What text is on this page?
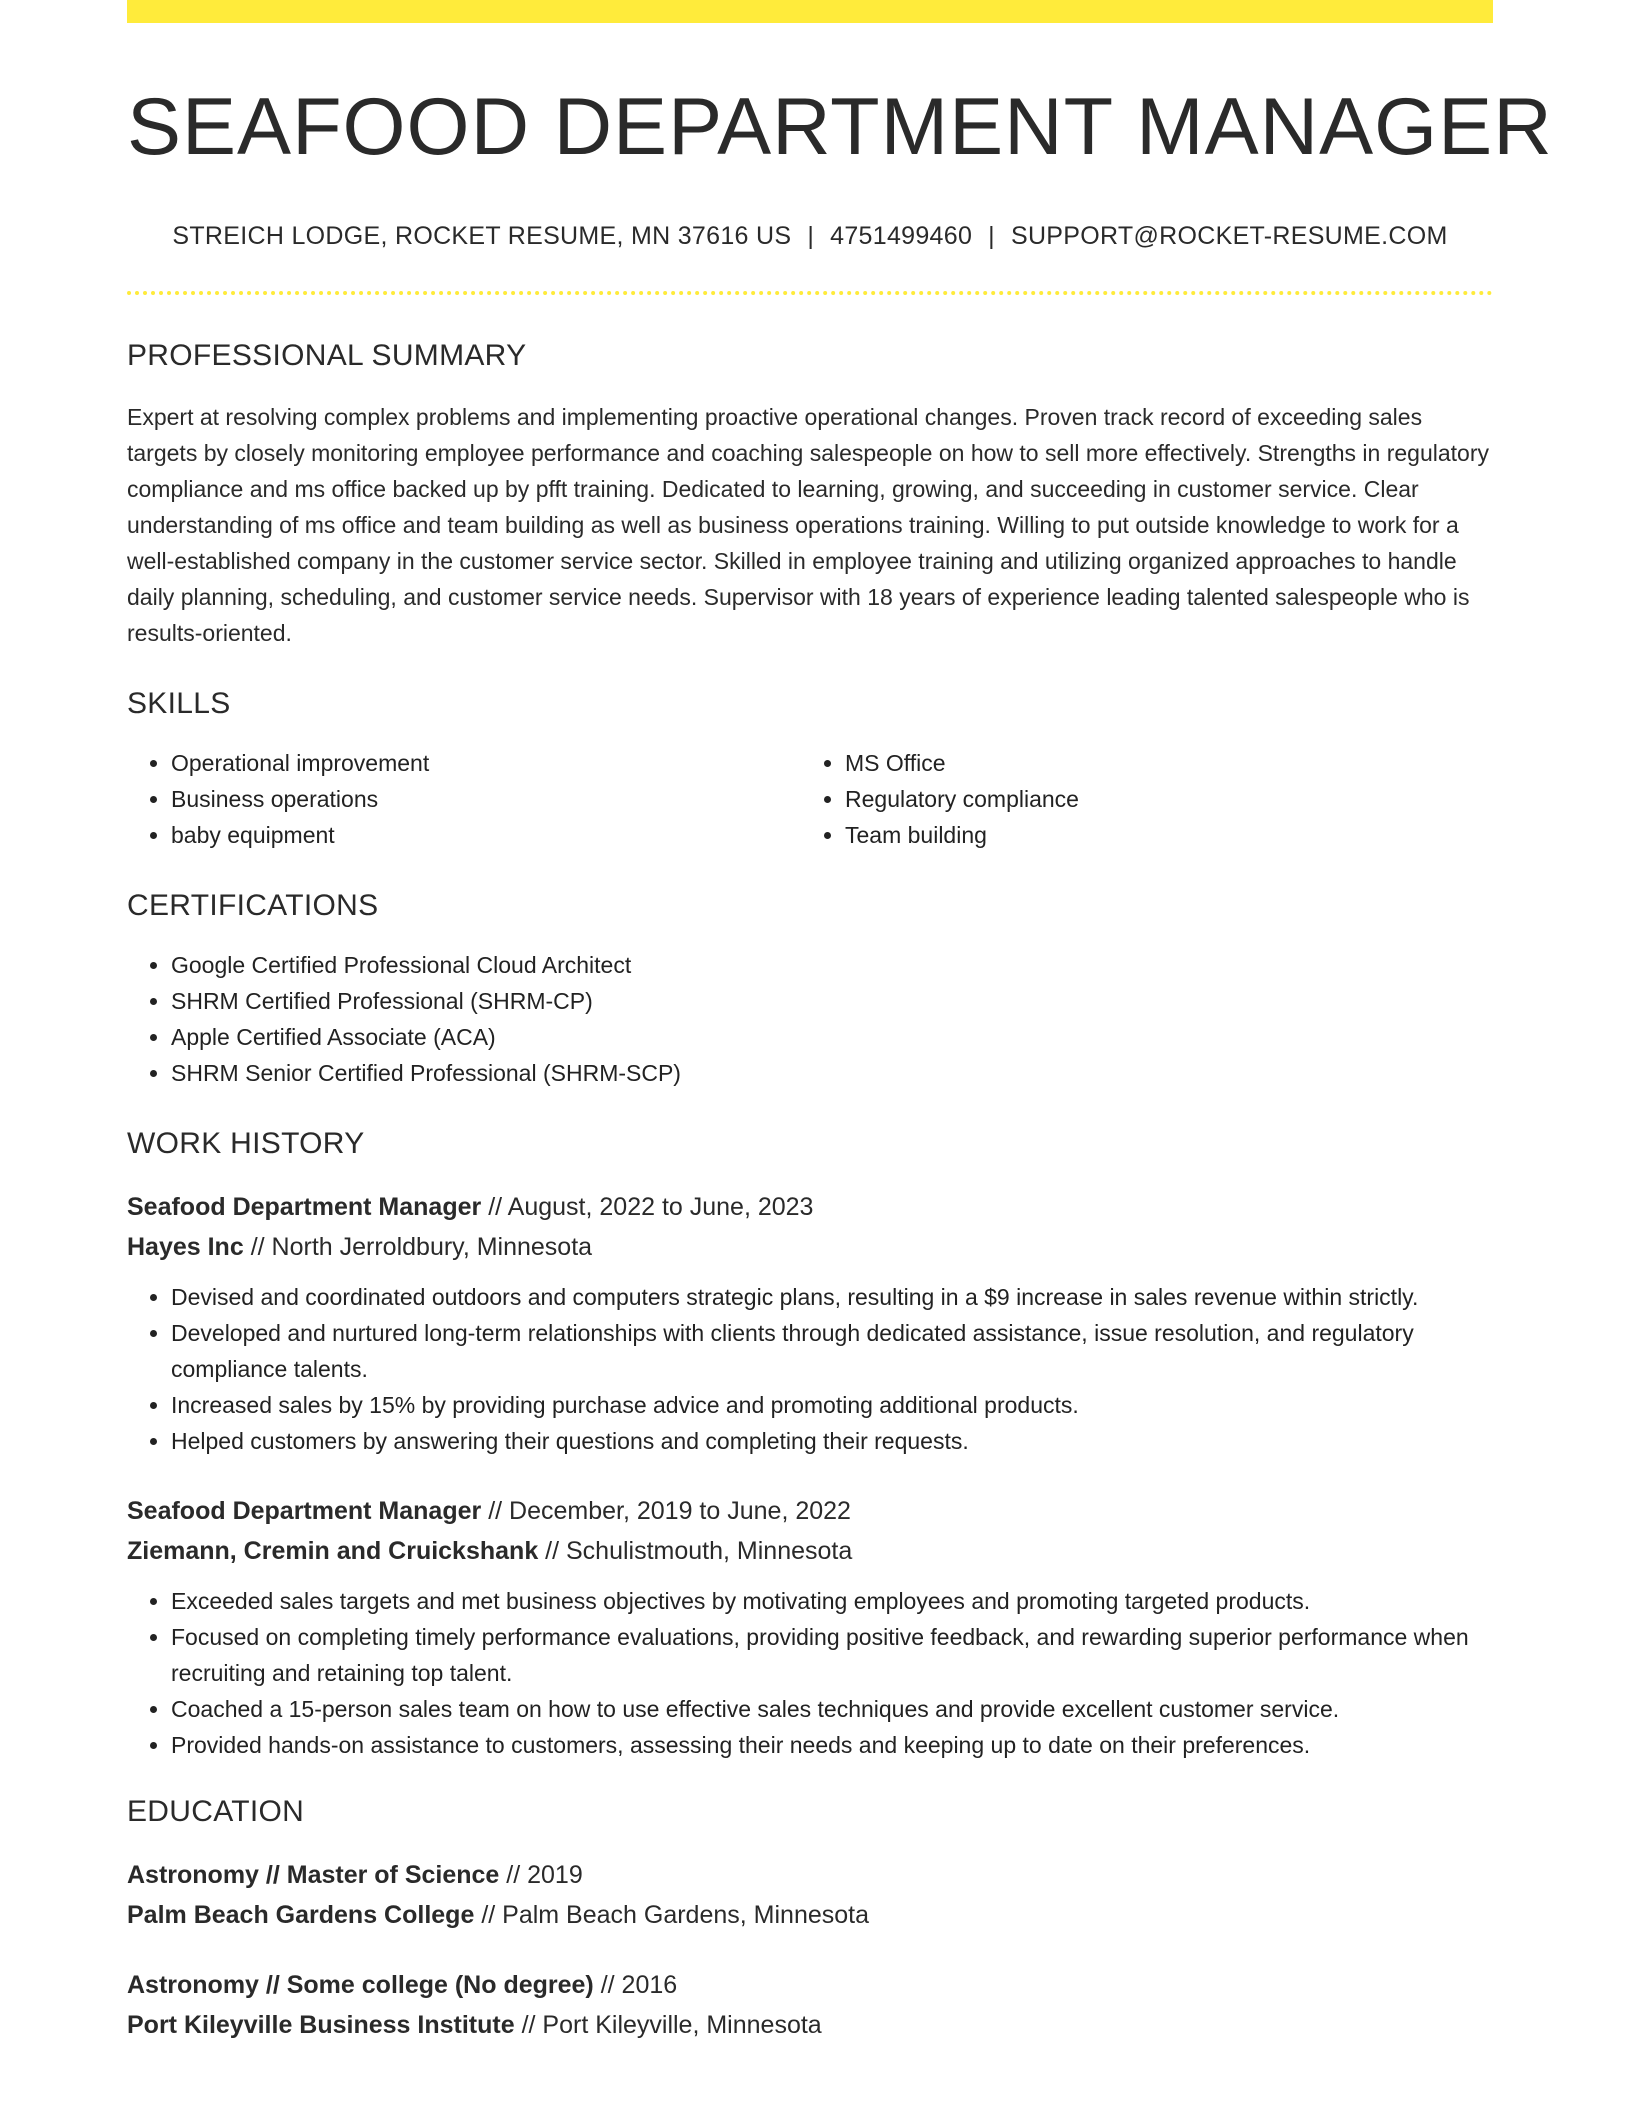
SEAFOOD DEPARTMENT MANAGER
STREICH LODGE, ROCKET RESUME, MN 37616 US | 4751499460 | SUPPORT@ROCKET-RESUME.COM
PROFESSIONAL SUMMARY

Expert at resolving complex problems and implementing proactive operational changes. Proven track record of exceeding sales targets by closely monitoring employee performance and coaching salespeople on how to sell more effectively. Strengths in regulatory compliance and ms office backed up by pfft training. Dedicated to learning, growing, and succeeding in customer service. Clear understanding of ms office and team building as well as business operations training. Willing to put outside knowledge to work for a well-established company in the customer service sector. Skilled in employee training and utilizing organized approaches to handle daily planning, scheduling, and customer service needs. Supervisor with 18 years of experience leading talented salespeople who is results-oriented.

SKILLS
• Operational improvement
• Business operations
• baby equipment
• MS Office
• Regulatory compliance
• Team building
CERTIFICATIONS
• Google Certified Professional Cloud Architect
• SHRM Certified Professional (SHRM-CP)
• Apple Certified Associate (ACA)
• SHRM Senior Certified Professional (SHRM-SCP)
WORK HISTORY
Seafood Department Manager // August, 2022 to June, 2023
Hayes Inc // North Jerroldbury, Minnesota
• Devised and coordinated outdoors and computers strategic plans, resulting in a $9 increase in sales revenue within strictly.
• Developed and nurtured long-term relationships with clients through dedicated assistance, issue resolution, and regulatory compliance talents.
• Increased sales by 15% by providing purchase advice and promoting additional products.
• Helped customers by answering their questions and completing their requests.
Seafood Department Manager // December, 2019 to June, 2022
Ziemann, Cremin and Cruickshank // Schulistmouth, Minnesota
• Exceeded sales targets and met business objectives by motivating employees and promoting targeted products.
• Focused on completing timely performance evaluations, providing positive feedback, and rewarding superior performance when recruiting and retaining top talent.
• Coached a 15-person sales team on how to use effective sales techniques and provide excellent customer service.
• Provided hands-on assistance to customers, assessing their needs and keeping up to date on their preferences.
EDUCATION
Astronomy // Master of Science // 2019
Palm Beach Gardens College // Palm Beach Gardens, Minnesota
Astronomy // Some college (No degree) // 2016
Port Kileyville Business Institute // Port Kileyville, Minnesota
